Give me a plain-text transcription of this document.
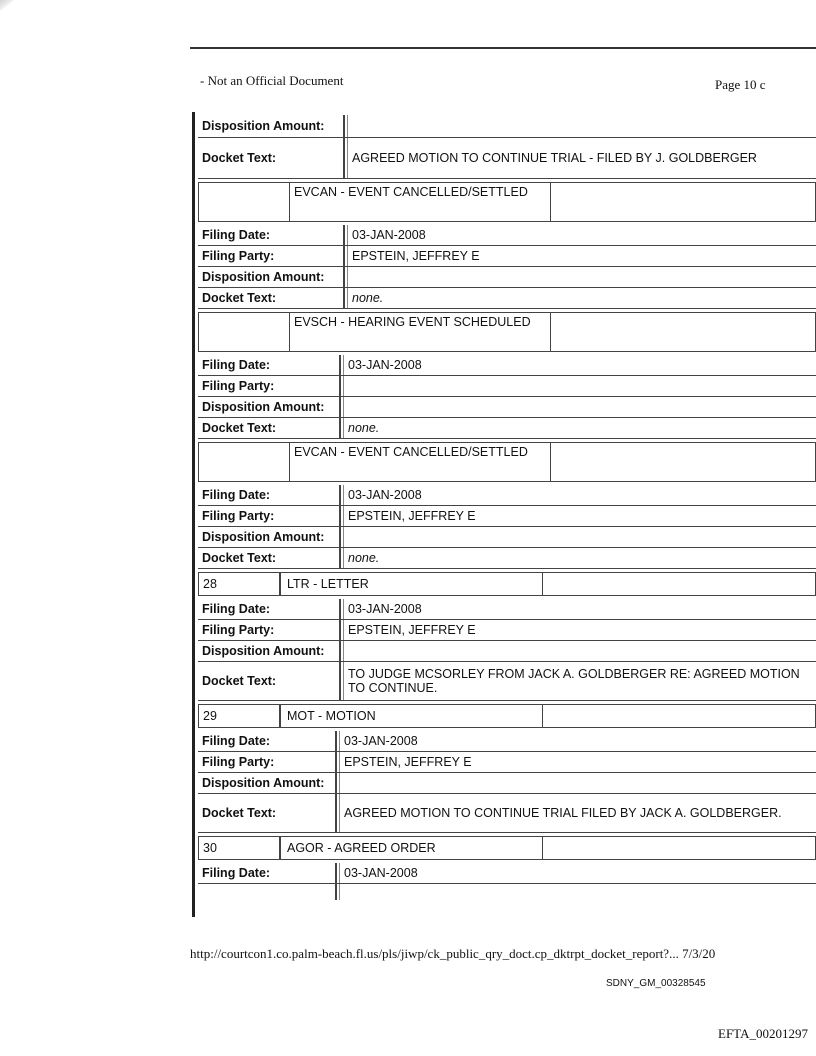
- Not an Official Document	Page 10 c
Disposition Amount:
Docket Text:	AGREED MOTION TO CONTINUE TRIAL - FILED BY J. GOLDBERGER
EVCAN - EVENT CANCELLED/SETTLED
Filing Date:	03-JAN-2008
Filing Party:	EPSTEIN, JEFFREY E
Disposition Amount:
Docket Text:	none.
EVSCH - HEARING EVENT SCHEDULED
Filing Date:	03-JAN-2008
Filing Party:
Disposition Amount:
Docket Text:	none.
EVCAN - EVENT CANCELLED/SETTLED
Filing Date:	03-JAN-2008
Filing Party:	EPSTEIN, JEFFREY E
Disposition Amount:
Docket Text:	none.
28	LTR - LETTER
Filing Date:	03-JAN-2008
Filing Party:	EPSTEIN, JEFFREY E
Disposition Amount:
Docket Text:	TO JUDGE MCSORLEY FROM JACK A. GOLDBERGER RE: AGREED MOTION TO CONTINUE.
29	MOT - MOTION
Filing Date:	03-JAN-2008
Filing Party:	EPSTEIN, JEFFREY E
Disposition Amount:
Docket Text:	AGREED MOTION TO CONTINUE TRIAL FILED BY JACK A. GOLDBERGER.
30	AGOR - AGREED ORDER
Filing Date:	03-JAN-2008
http://courtcon1.co.palm-beach.fl.us/pls/jiwp/ck_public_qry_doct.cp_dktrpt_docket_report?... 7/3/20
SDNY_GM_00328545
EFTA_00201297
